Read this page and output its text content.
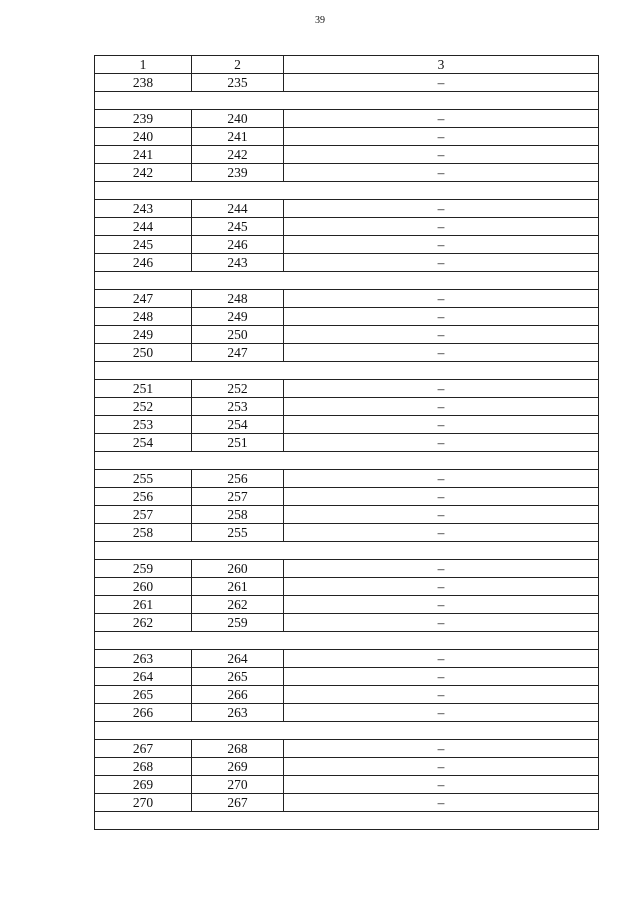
39
1	2	3
238	235	–

239	240	–
240	241	–
241	242	–
242	239	–

243	244	–
244	245	–
245	246	–
246	243	–

247	248	–
248	249	–
249	250	–
250	247	–

251	252	–
252	253	–
253	254	–
254	251	–

255	256	–
256	257	–
257	258	–
258	255	–

259	260	–
260	261	–
261	262	–
262	259	–

263	264	–
264	265	–
265	266	–
266	263	–

267	268	–
268	269	–
269	270	–
270	267	–
